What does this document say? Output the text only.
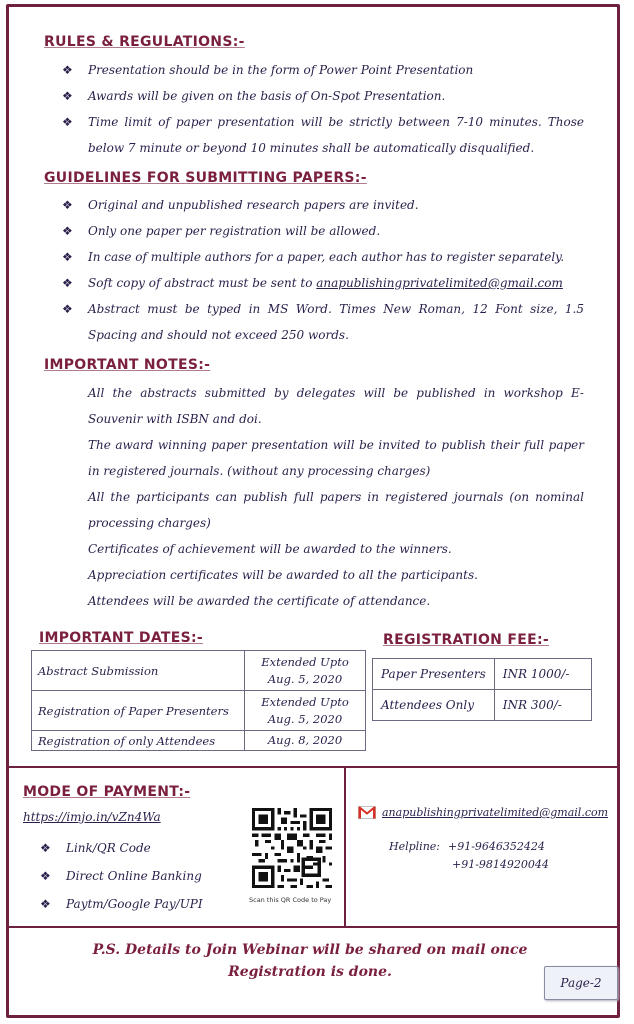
RULES & REGULATIONS:-
❖ Presentation should be in the form of Power Point Presentation
❖ Awards will be given on the basis of On-Spot Presentation.
❖ Time limit of paper presentation will be strictly between 7-10 minutes. Those below 7 minute or beyond 10 minutes shall be automatically disqualified.
GUIDELINES FOR SUBMITTING PAPERS:-
❖ Original and unpublished research papers are invited.
❖ Only one paper per registration will be allowed.
❖ In case of multiple authors for a paper, each author has to register separately.
❖ Soft copy of abstract must be sent to anapublishingprivatelimited@gmail.com
❖ Abstract must be typed in MS Word. Times New Roman, 12 Font size, 1.5 Spacing and should not exceed 250 words.
IMPORTANT NOTES:-
All the abstracts submitted by delegates will be published in workshop E-Souvenir with ISBN and doi.
The award winning paper presentation will be invited to publish their full paper in registered journals. (without any processing charges)
All the participants can publish full papers in registered journals (on nominal processing charges)
Certificates of achievement will be awarded to the winners.
Appreciation certificates will be awarded to all the participants.
Attendees will be awarded the certificate of attendance.
IMPORTANT DATES:-
Abstract Submission	Extended Upto
Aug. 5, 2020
Registration of Paper Presenters	Extended Upto
Aug. 5, 2020
Registration of only Attendees	Aug. 8, 2020
REGISTRATION FEE:-
Paper Presenters	INR 1000/-
Attendees Only	INR 300/-
MODE OF PAYMENT:-
https://imjo.in/vZn4Wa
❖ Link/QR Code
❖ Direct Online Banking
❖ Paytm/Google Pay/UPI	Scan this QR Code to Pay
anapublishingprivatelimited@gmail.com
Helpline: +91-9646352424
+91-9814920044
P.S. Details to Join Webinar will be shared on mail once
Registration is done.
Page-2
